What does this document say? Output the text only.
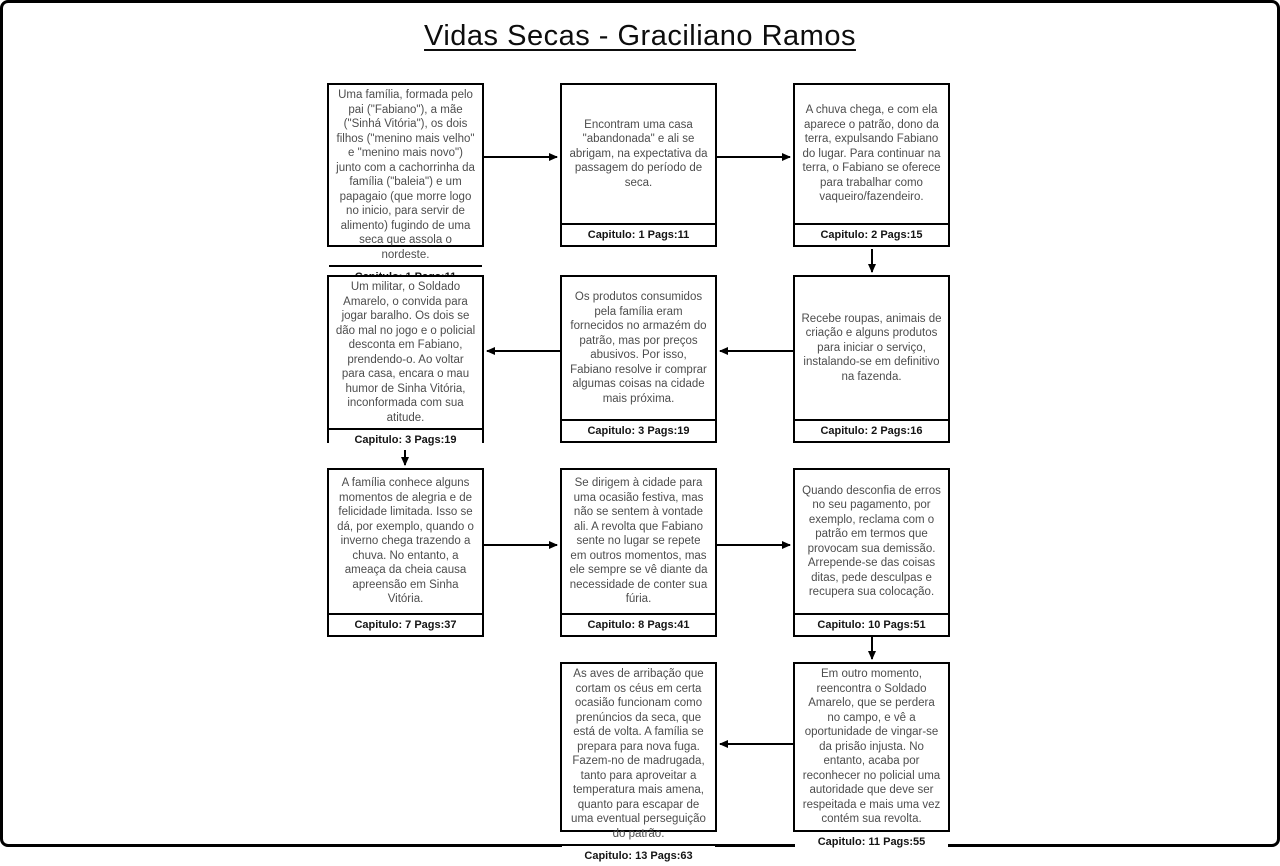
Vidas Secas - Graciliano Ramos
Uma família, formada pelo pai ("Fabiano"), a mãe ("Sinhá Vitória"), os dois filhos ("menino mais velho" e "menino mais novo") junto com a cachorrinha da família ("baleia") e um papagaio (que morre logo no inicio, para servir de alimento) fugindo de uma seca que assola o nordeste.
Encontram uma casa "abandonada" e ali se abrigam, na expectativa da passagem do período de seca.
Capitulo: 1 Pags:11
A chuva chega, e com ela aparece o patrão, dono da terra, expulsando Fabiano do lugar. Para continuar na terra, o Fabiano se oferece para trabalhar como vaqueiro/fazendeiro.
Capitulo: 2 Pags:15
Recebe roupas, animais de criação e alguns produtos para iniciar o serviço, instalando-se em definitivo na fazenda.
Capitulo: 2 Pags:16
Os produtos consumidos pela família eram fornecidos no armazém do patrão, mas por preços abusivos. Por isso, Fabiano resolve ir comprar algumas coisas na cidade mais próxima.
Capitulo: 3 Pags:19
Um militar, o Soldado Amarelo, o convida para jogar baralho. Os dois se dão mal no jogo e o policial desconta em Fabiano, prendendo-o. Ao voltar para casa, encara o mau humor de Sinha Vitória, inconformada com sua atitude.
Capitulo: 3 Pags:19
A família conhece alguns momentos de alegria e de felicidade limitada. Isso se dá, por exemplo, quando o inverno chega trazendo a chuva. No entanto, a ameaça da cheia causa apreensão em Sinha Vitória.
Capitulo: 7 Pags:37
Se dirigem à cidade para uma ocasião festiva, mas não se sentem à vontade ali. A revolta que Fabiano sente no lugar se repete em outros momentos, mas ele sempre se vê diante da necessidade de conter sua fúria.
Capitulo: 8 Pags:41
Quando desconfia de erros no seu pagamento, por exemplo, reclama com o patrão em termos que provocam sua demissão. Arrepende-se das coisas ditas, pede desculpas e recupera sua colocação.
Capitulo: 10 Pags:51
Em outro momento, reencontra o Soldado Amarelo, que se perdera no campo, e vê a oportunidade de vingar-se da prisão injusta. No entanto, acaba por reconhecer no policial uma autoridade que deve ser respeitada e mais uma vez contém sua revolta.
Capitulo: 11 Pags:55
As aves de arribação que cortam os céus em certa ocasião funcionam como prenúncios da seca, que está de volta. A família se prepara para nova fuga. Fazem-no de madrugada, tanto para aproveitar a temperatura mais amena, quanto para escapar de uma eventual perseguição do patrão.
Capitulo: 13 Pags:63
